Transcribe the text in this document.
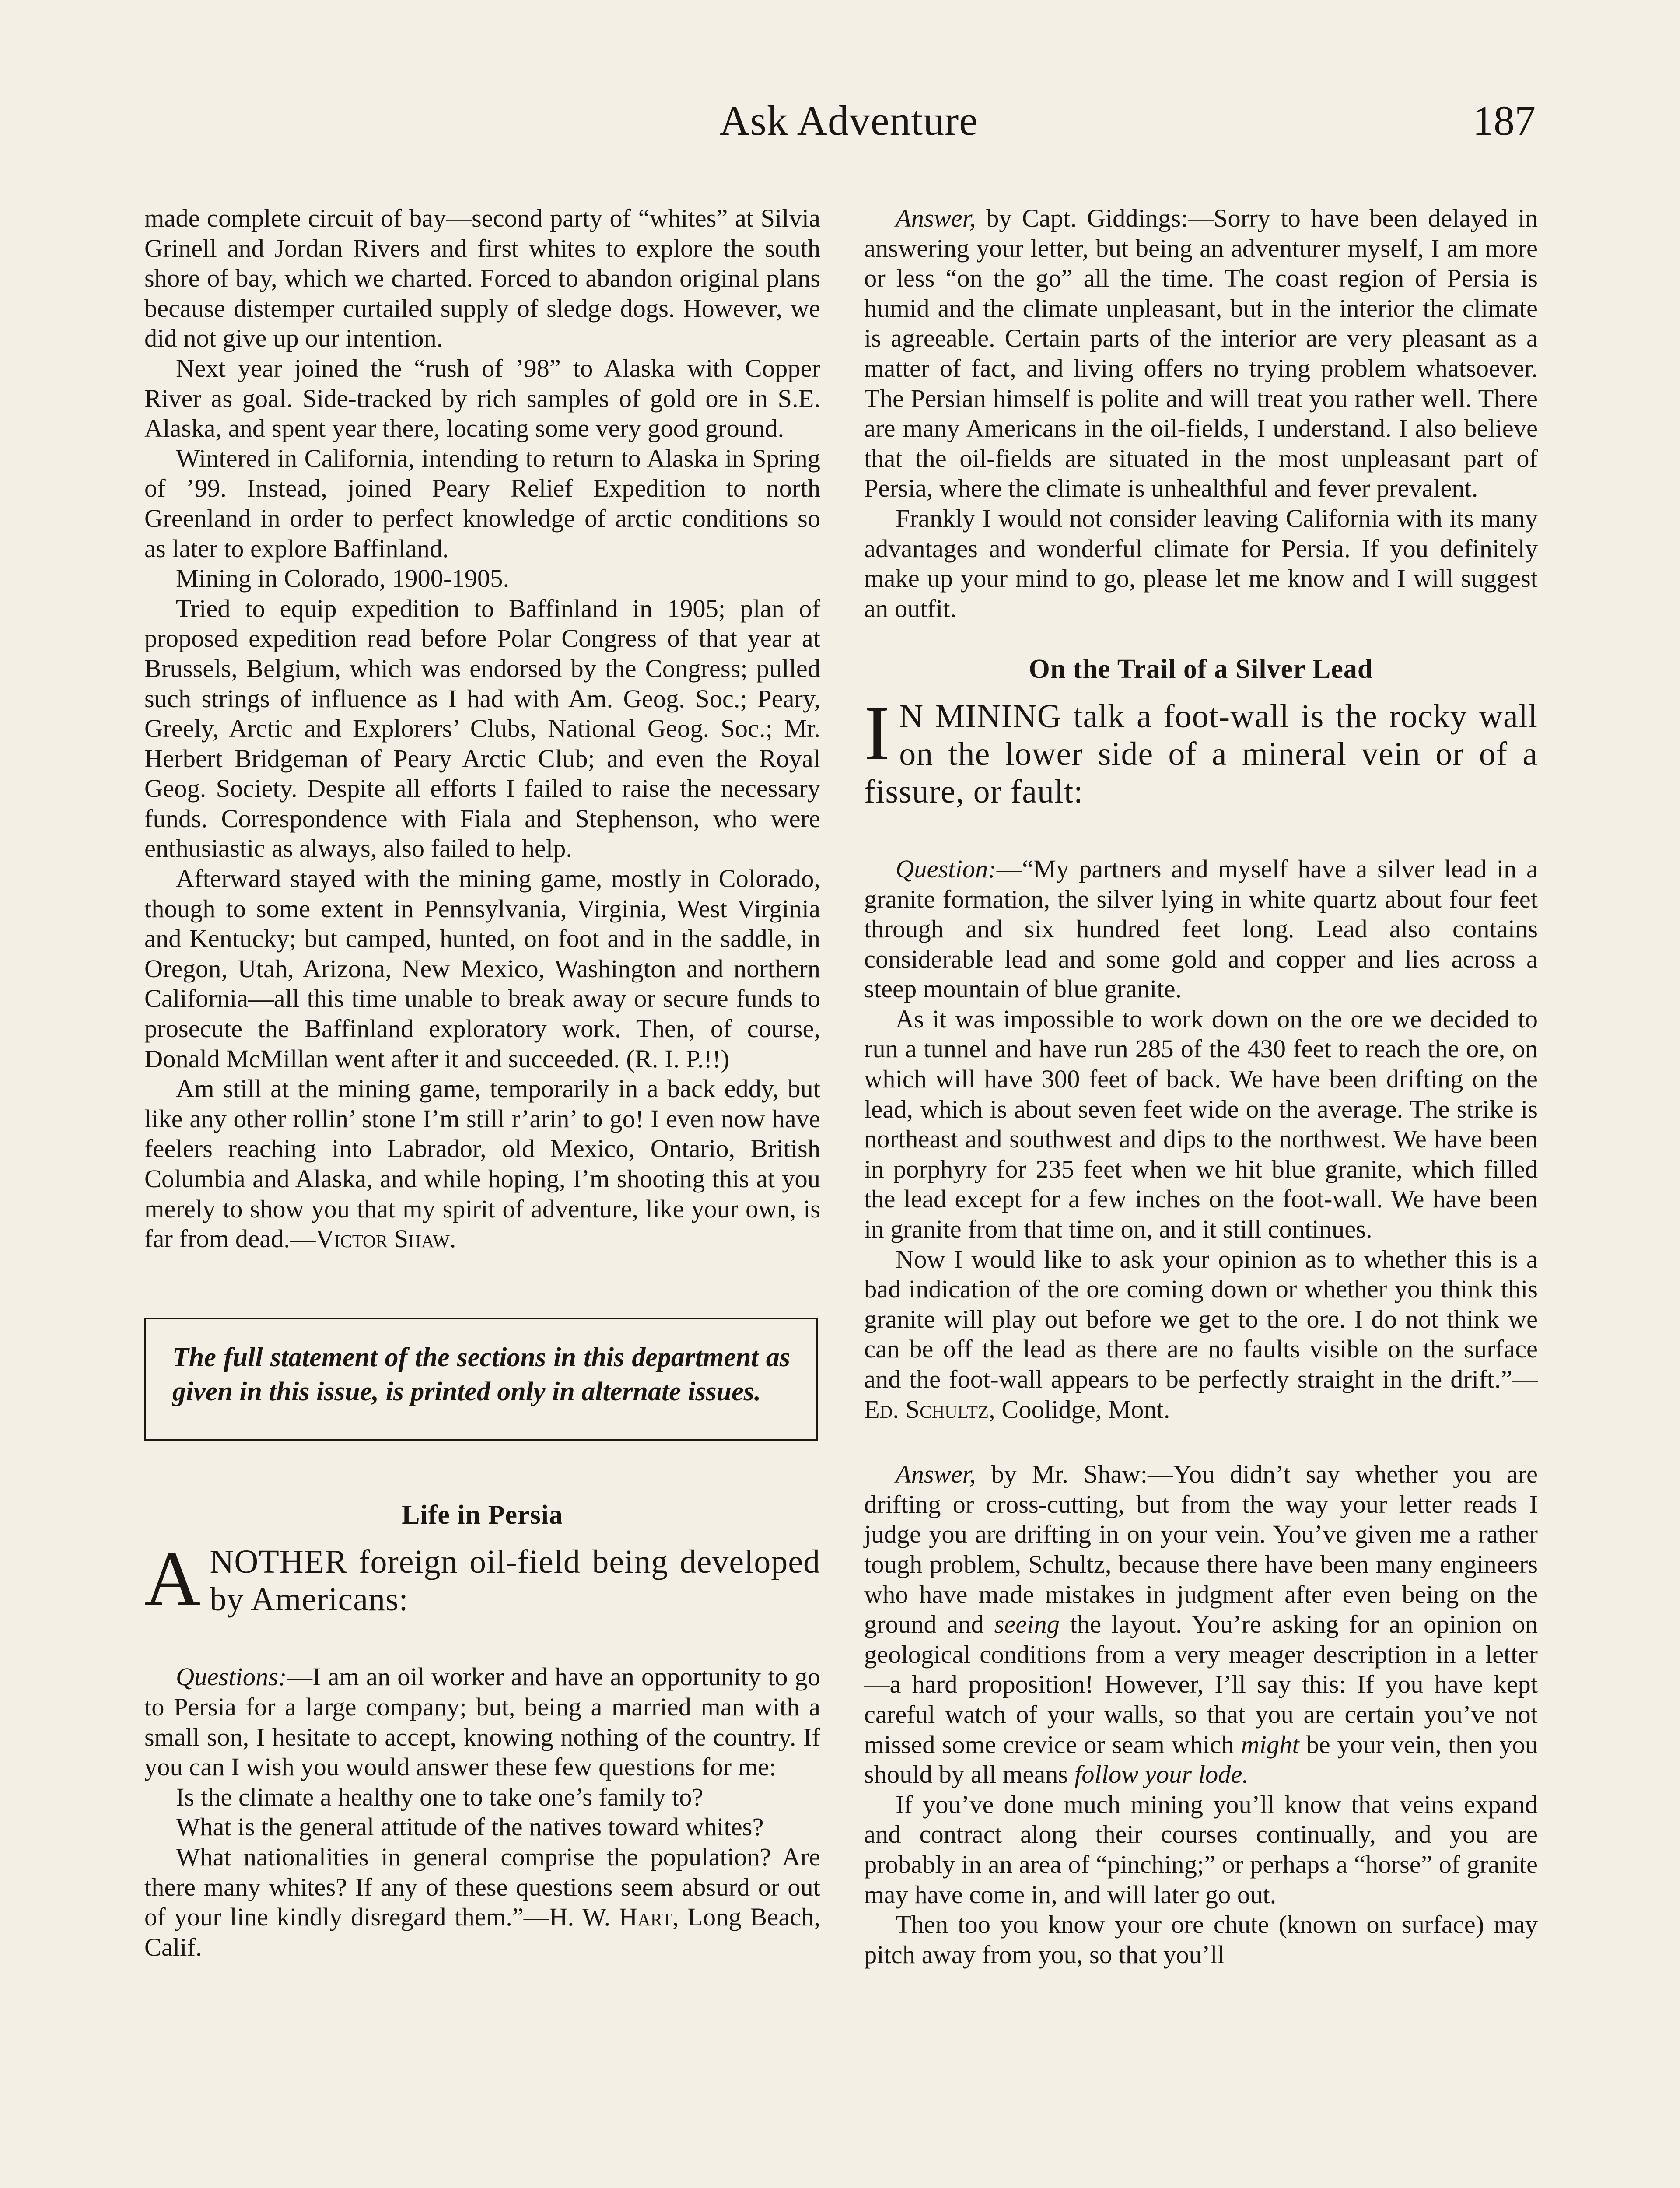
Ask Adventure	187

made complete circuit of bay—second party of “whites” at Silvia Grinell and Jordan Rivers and first whites to explore the south shore of bay, which we charted. Forced to abandon original plans because distemper curtailed supply of sledge dogs. However, we did not give up our intention.

Next year joined the “rush of ’98” to Alaska with Copper River as goal. Side-tracked by rich samples of gold ore in S.E. Alaska, and spent year there, locating some very good ground.

Wintered in California, intending to return to Alaska in Spring of ’99. Instead, joined Peary Relief Expedition to north Greenland in order to perfect knowledge of arctic conditions so as later to explore Baffinland.

Mining in Colorado, 1900-1905.

Tried to equip expedition to Baffinland in 1905; plan of proposed expedition read before Polar Congress of that year at Brussels, Belgium, which was endorsed by the Congress; pulled such strings of influence as I had with Am. Geog. Soc.; Peary, Greely, Arctic and Explorers’ Clubs, National Geog. Soc.; Mr. Herbert Bridgeman of Peary Arctic Club; and even the Royal Geog. Society. Despite all efforts I failed to raise the necessary funds. Correspondence with Fiala and Stephenson, who were enthusiastic as always, also failed to help.

Afterward stayed with the mining game, mostly in Colorado, though to some extent in Pennsylvania, Virginia, West Virginia and Kentucky; but camped, hunted, on foot and in the saddle, in Oregon, Utah, Arizona, New Mexico, Washington and northern California—all this time unable to break away or secure funds to prosecute the Baffinland exploratory work. Then, of course, Donald McMillan went after it and succeeded. (R. I. P.!!)

Am still at the mining game, temporarily in a back eddy, but like any other rollin’ stone I’m still r’arin’ to go! I even now have feelers reaching into Labrador, old Mexico, Ontario, British Columbia and Alaska, and while hoping, I’m shooting this at you merely to show you that my spirit of adventure, like your own, is far from dead.—Victor Shaw.

The full statement of the sections in this department as given in this issue, is printed only in alternate issues.
Life in Persia
ANOTHER foreign oil-field being developed by Americans:

Questions:—I am an oil worker and have an opportunity to go to Persia for a large company; but, being a married man with a small son, I hesitate to accept, knowing nothing of the country. If you can I wish you would answer these few questions for me:

Is the climate a healthy one to take one’s family to?

What is the general attitude of the natives toward whites?

What nationalities in general comprise the population? Are there many whites? If any of these questions seem absurd or out of your line kindly disregard them.”—H. W. Hart, Long Beach, Calif.

Answer, by Capt. Giddings:—Sorry to have been delayed in answering your letter, but being an adventurer myself, I am more or less “on the go” all the time. The coast region of Persia is humid and the climate unpleasant, but in the interior the climate is agreeable. Certain parts of the interior are very pleasant as a matter of fact, and living offers no trying problem whatsoever. The Persian himself is polite and will treat you rather well. There are many Americans in the oil-fields, I understand. I also believe that the oil-fields are situated in the most unpleasant part of Persia, where the climate is unhealthful and fever prevalent.

Frankly I would not consider leaving California with its many advantages and wonderful climate for Persia. If you definitely make up your mind to go, please let me know and I will suggest an outfit.

On the Trail of a Silver Lead
I N MINING talk a foot-wall is the rocky wall on the lower side of a mineral vein or of a fissure, or fault:

Question:—“My partners and myself have a silver lead in a granite formation, the silver lying in white quartz about four feet through and six hundred feet long. Lead also contains considerable lead and some gold and copper and lies across a steep mountain of blue granite.

As it was impossible to work down on the ore we decided to run a tunnel and have run 285 of the 430 feet to reach the ore, on which will have 300 feet of back. We have been drifting on the lead, which is about seven feet wide on the average. The strike is northeast and southwest and dips to the northwest. We have been in porphyry for 235 feet when we hit blue granite, which filled the lead except for a few inches on the foot-wall. We have been in granite from that time on, and it still continues.

Now I would like to ask your opinion as to whether this is a bad indication of the ore coming down or whether you think this granite will play out before we get to the ore. I do not think we can be off the lead as there are no faults visible on the surface and the foot-wall appears to be perfectly straight in the drift.”—Ed. Schultz, Coolidge, Mont.

Answer, by Mr. Shaw:—You didn’t say whether you are drifting or cross-cutting, but from the way your letter reads I judge you are drifting in on your vein. You’ve given me a rather tough problem, Schultz, because there have been many engineers who have made mistakes in judgment after even being on the ground and seeing the layout. You’re asking for an opinion on geological conditions from a very meager description in a letter—a hard proposition! However, I’ll say this: If you have kept careful watch of your walls, so that you are certain you’ve not missed some crevice or seam which might be your vein, then you should by all means follow your lode.

If you’ve done much mining you’ll know that veins expand and contract along their courses continually, and you are probably in an area of “pinching;” or perhaps a “horse” of granite may have come in, and will later go out.

Then too you know your ore chute (known on surface) may pitch away from you, so that you’ll
